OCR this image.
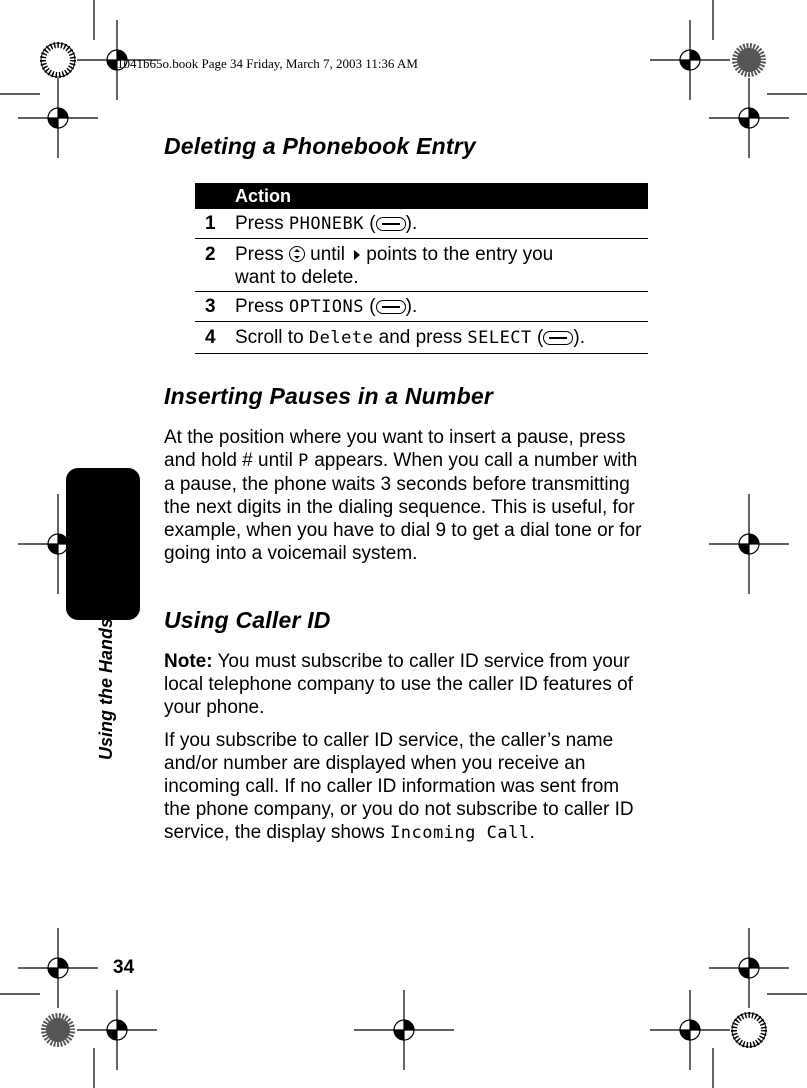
1041b65o.book Page 34 Friday, March 7, 2003 11:36 AM
Deleting a Phonebook Entry
Action
1	Press PHONEBK ( ).
2	Press  until points to the entry you
want to delete.
3	Press OPTIONS ( ).
4	Scroll to Delete and press SELECT ( ).
Inserting Pauses in a Number
At the position where you want to insert a pause, press and hold # until P appears. When you call a number with a pause, the phone waits 3 seconds before transmitting the next digits in the dialing sequence. This is useful, for example, when you have to dial 9 to get a dial tone or for going into a voicemail system.
Using Caller ID
Note: You must subscribe to caller ID service from your local telephone company to use the caller ID features of your phone.
If you subscribe to caller ID service, the caller’s name and/or number are displayed when you receive an incoming call. If no caller ID information was sent from the phone company, or you do not subscribe to caller ID service, the display shows Incoming Call.
Using the Handset
34
